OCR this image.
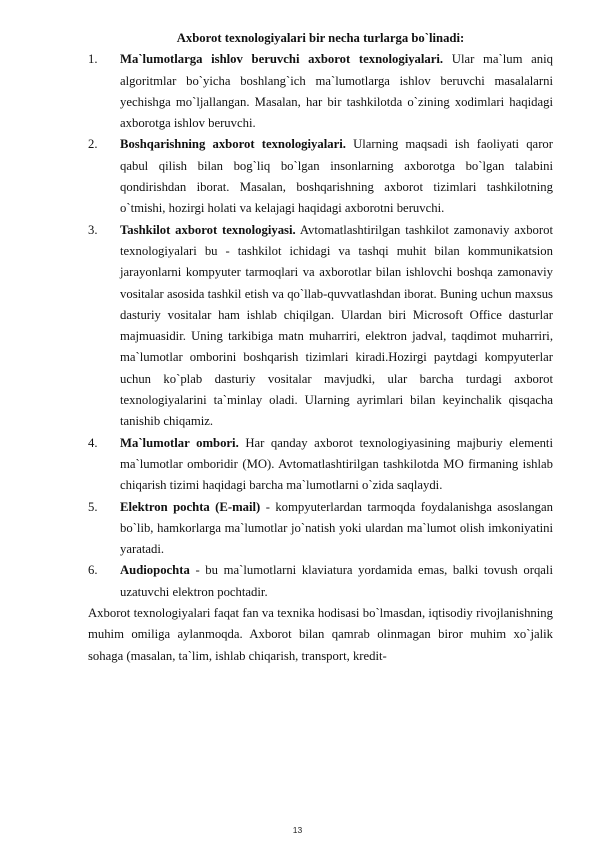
Axborot texnologiyalari bir necha turlarga bo`linadi:

1. Ma`lumotlarga ishlov beruvchi axborot texnologiyalari. Ular ma`lum aniq algoritmlar bo`yicha boshlang`ich ma`lumotlarga ishlov beruvchi masalalarni yechishga mo`ljallangan. Masalan, har bir tashkilotda o`zining xodimlari haqidagi axborotga ishlov beruvchi.

2. Boshqarishning axborot texnologiyalari. Ularning maqsadi ish faoliyati qaror qabul qilish bilan bog`liq bo`lgan insonlarning axborotga bo`lgan talabini qondirishdan iborat. Masalan, boshqarishning axborot tizimlari tashkilotning o`tmishi, hozirgi holati va kelajagi haqidagi axborotni beruvchi.

3. Tashkilot axborot texnologiyasi. Avtomatlashtirilgan tashkilot zamonaviy axborot texnologiyalari bu - tashkilot ichidagi va tashqi muhit bilan kommunikatsion jarayonlarni kompyuter tarmoqlari va axborotlar bilan ishlovchi boshqa zamonaviy vositalar asosida tashkil etish va qo`llab-quvvatlashdan iborat. Buning uchun maxsus dasturiy vositalar ham ishlab chiqilgan. Ulardan biri Microsoft Office dasturlar majmuasidir. Uning tarkibiga matn muharriri, elektron jadval, taqdimot muharriri, ma`lumotlar omborini boshqarish tizimlari kiradi.Hozirgi paytdagi kompyuterlar uchun ko`plab dasturiy vositalar mavjudki, ular barcha turdagi axborot texnologiyalarini ta`minlay oladi. Ularning ayrimlari bilan keyinchalik qisqacha tanishib chiqamiz.

4. Ma`lumotlar ombori. Har qanday axborot texnologiyasining majburiy elementi ma`lumotlar omboridir (MO). Avtomatlashtirilgan tashkilotda MO firmaning ishlab chiqarish tizimi haqidagi barcha ma`lumotlarni o`zida saqlaydi.

5. Elektron pochta (E-mail) - kompyuterlardan tarmoqda foydalanishga asoslangan bo`lib, hamkorlarga ma`lumotlar jo`natish yoki ulardan ma`lumot olish imkoniyatini yaratadi.

6. Audiopochta - bu ma`lumotlarni klaviatura yordamida emas, balki tovush orqali uzatuvchi elektron pochtadir.

Axborot texnologiyalari faqat fan va texnika hodisasi bo`lmasdan, iqtisodiy rivojlanishning muhim omiliga aylanmoqda. Axborot bilan qamrab olinmagan biror muhim xo`jalik sohaga (masalan, ta`lim, ishlab chiqarish, transport, kredit-

13
